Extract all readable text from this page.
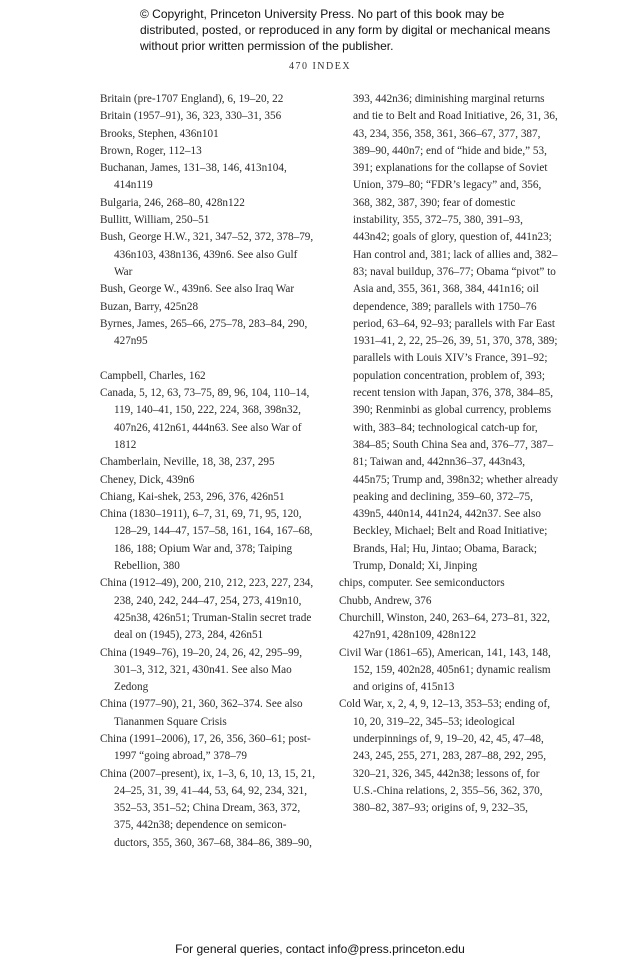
© Copyright, Princeton University Press. No part of this book may be distributed, posted, or reproduced in any form by digital or mechanical means without prior written permission of the publisher.
470 INDEX

Britain (pre-1707 England), 6, 19–20, 22

Britain (1957–91), 36, 323, 330–31, 356

Brooks, Stephen, 436n101

Brown, Roger, 112–13

Buchanan, James, 131–38, 146, 413n104, 414n119

Bulgaria, 246, 268–80, 428n122

Bullitt, William, 250–51

Bush, George H.W., 321, 347–52, 372, 378–79, 436n103, 438n136, 439n6. See also Gulf War

Bush, George W., 439n6. See also Iraq War

Buzan, Barry, 425n28

Byrnes, James, 265–66, 275–78, 283–84, 290, 427n95

Campbell, Charles, 162

Canada, 5, 12, 63, 73–75, 89, 96, 104, 110–14, 119, 140–41, 150, 222, 224, 368, 398n32, 407n26, 412n61, 444n63. See also War of 1812

Chamberlain, Neville, 18, 38, 237, 295

Cheney, Dick, 439n6

Chiang, Kai-shek, 253, 296, 376, 426n51

China (1830–1911), 6–7, 31, 69, 71, 95, 120, 128–29, 144–47, 157–58, 161, 164, 167–68, 186, 188; Opium War and, 378; Taiping Rebellion, 380

China (1912–49), 200, 210, 212, 223, 227, 234, 238, 240, 242, 244–47, 254, 273, 419n10, 425n38, 426n51; Truman-Stalin secret trade deal on (1945), 273, 284, 426n51

China (1949–76), 19–20, 24, 26, 42, 295–99, 301–3, 312, 321, 430n41. See also Mao Zedong

China (1977–90), 21, 360, 362–374. See also Tiananmen Square Crisis

China (1991–2006), 17, 26, 356, 360–61; post-1997 “going abroad,” 378–79

China (2007–present), ix, 1–3, 6, 10, 13, 15, 21, 24–25, 31, 39, 41–44, 53, 64, 92, 234, 321, 352–53, 351–52; China Dream, 363, 372, 375, 442n38; dependence on semicon-ductors, 355, 360, 367–68, 384–86, 389–90,

393, 442n36; diminishing marginal returns and tie to Belt and Road Initiative, 26, 31, 36, 43, 234, 356, 358, 361, 366–67, 377, 387, 389–90, 440n7; end of “hide and bide,” 53, 391; explanations for the collapse of Soviet Union, 379–80; “FDR’s legacy” and, 356, 368, 382, 387, 390; fear of domestic instability, 355, 372–75, 380, 391–93, 443n42; goals of glory, question of, 441n23; Han control and, 381; lack of allies and, 382–83; naval buildup, 376–77; Obama “pivot” to Asia and, 355, 361, 368, 384, 441n16; oil dependence, 389; parallels with 1750–76 period, 63–64, 92–93; parallels with Far East 1931–41, 2, 22, 25–26, 39, 51, 370, 378, 389; parallels with Louis XIV’s France, 391–92; population concentration, problem of, 393; recent tension with Japan, 376, 378, 384–85, 390; Renminbi as global currency, problems with, 383–84; technological catch-up for, 384–85; South China Sea and, 376–77, 387–81; Taiwan and, 442nn36–37, 443n43, 445n75; Trump and, 398n32; whether already peaking and declining, 359–60, 372–75, 439n5, 440n14, 441n24, 442n37. See also Beckley, Michael; Belt and Road Initiative; Brands, Hal; Hu, Jintao; Obama, Barack; Trump, Donald; Xi, Jinping

chips, computer. See semiconductors

Chubb, Andrew, 376

Churchill, Winston, 240, 263–64, 273–81, 322, 427n91, 428n109, 428n122

Civil War (1861–65), American, 141, 143, 148, 152, 159, 402n28, 405n61; dynamic realism and origins of, 415n13

Cold War, x, 2, 4, 9, 12–13, 353–53; ending of, 10, 20, 319–22, 345–53; ideological underpinnings of, 9, 19–20, 42, 45, 47–48, 243, 245, 255, 271, 283, 287–88, 292, 295, 320–21, 326, 345, 442n38; lessons of, for U.S.-China relations, 2, 355–56, 362, 370, 380–82, 387–93; origins of, 9, 232–35,

For general queries, contact info@press.princeton.edu
